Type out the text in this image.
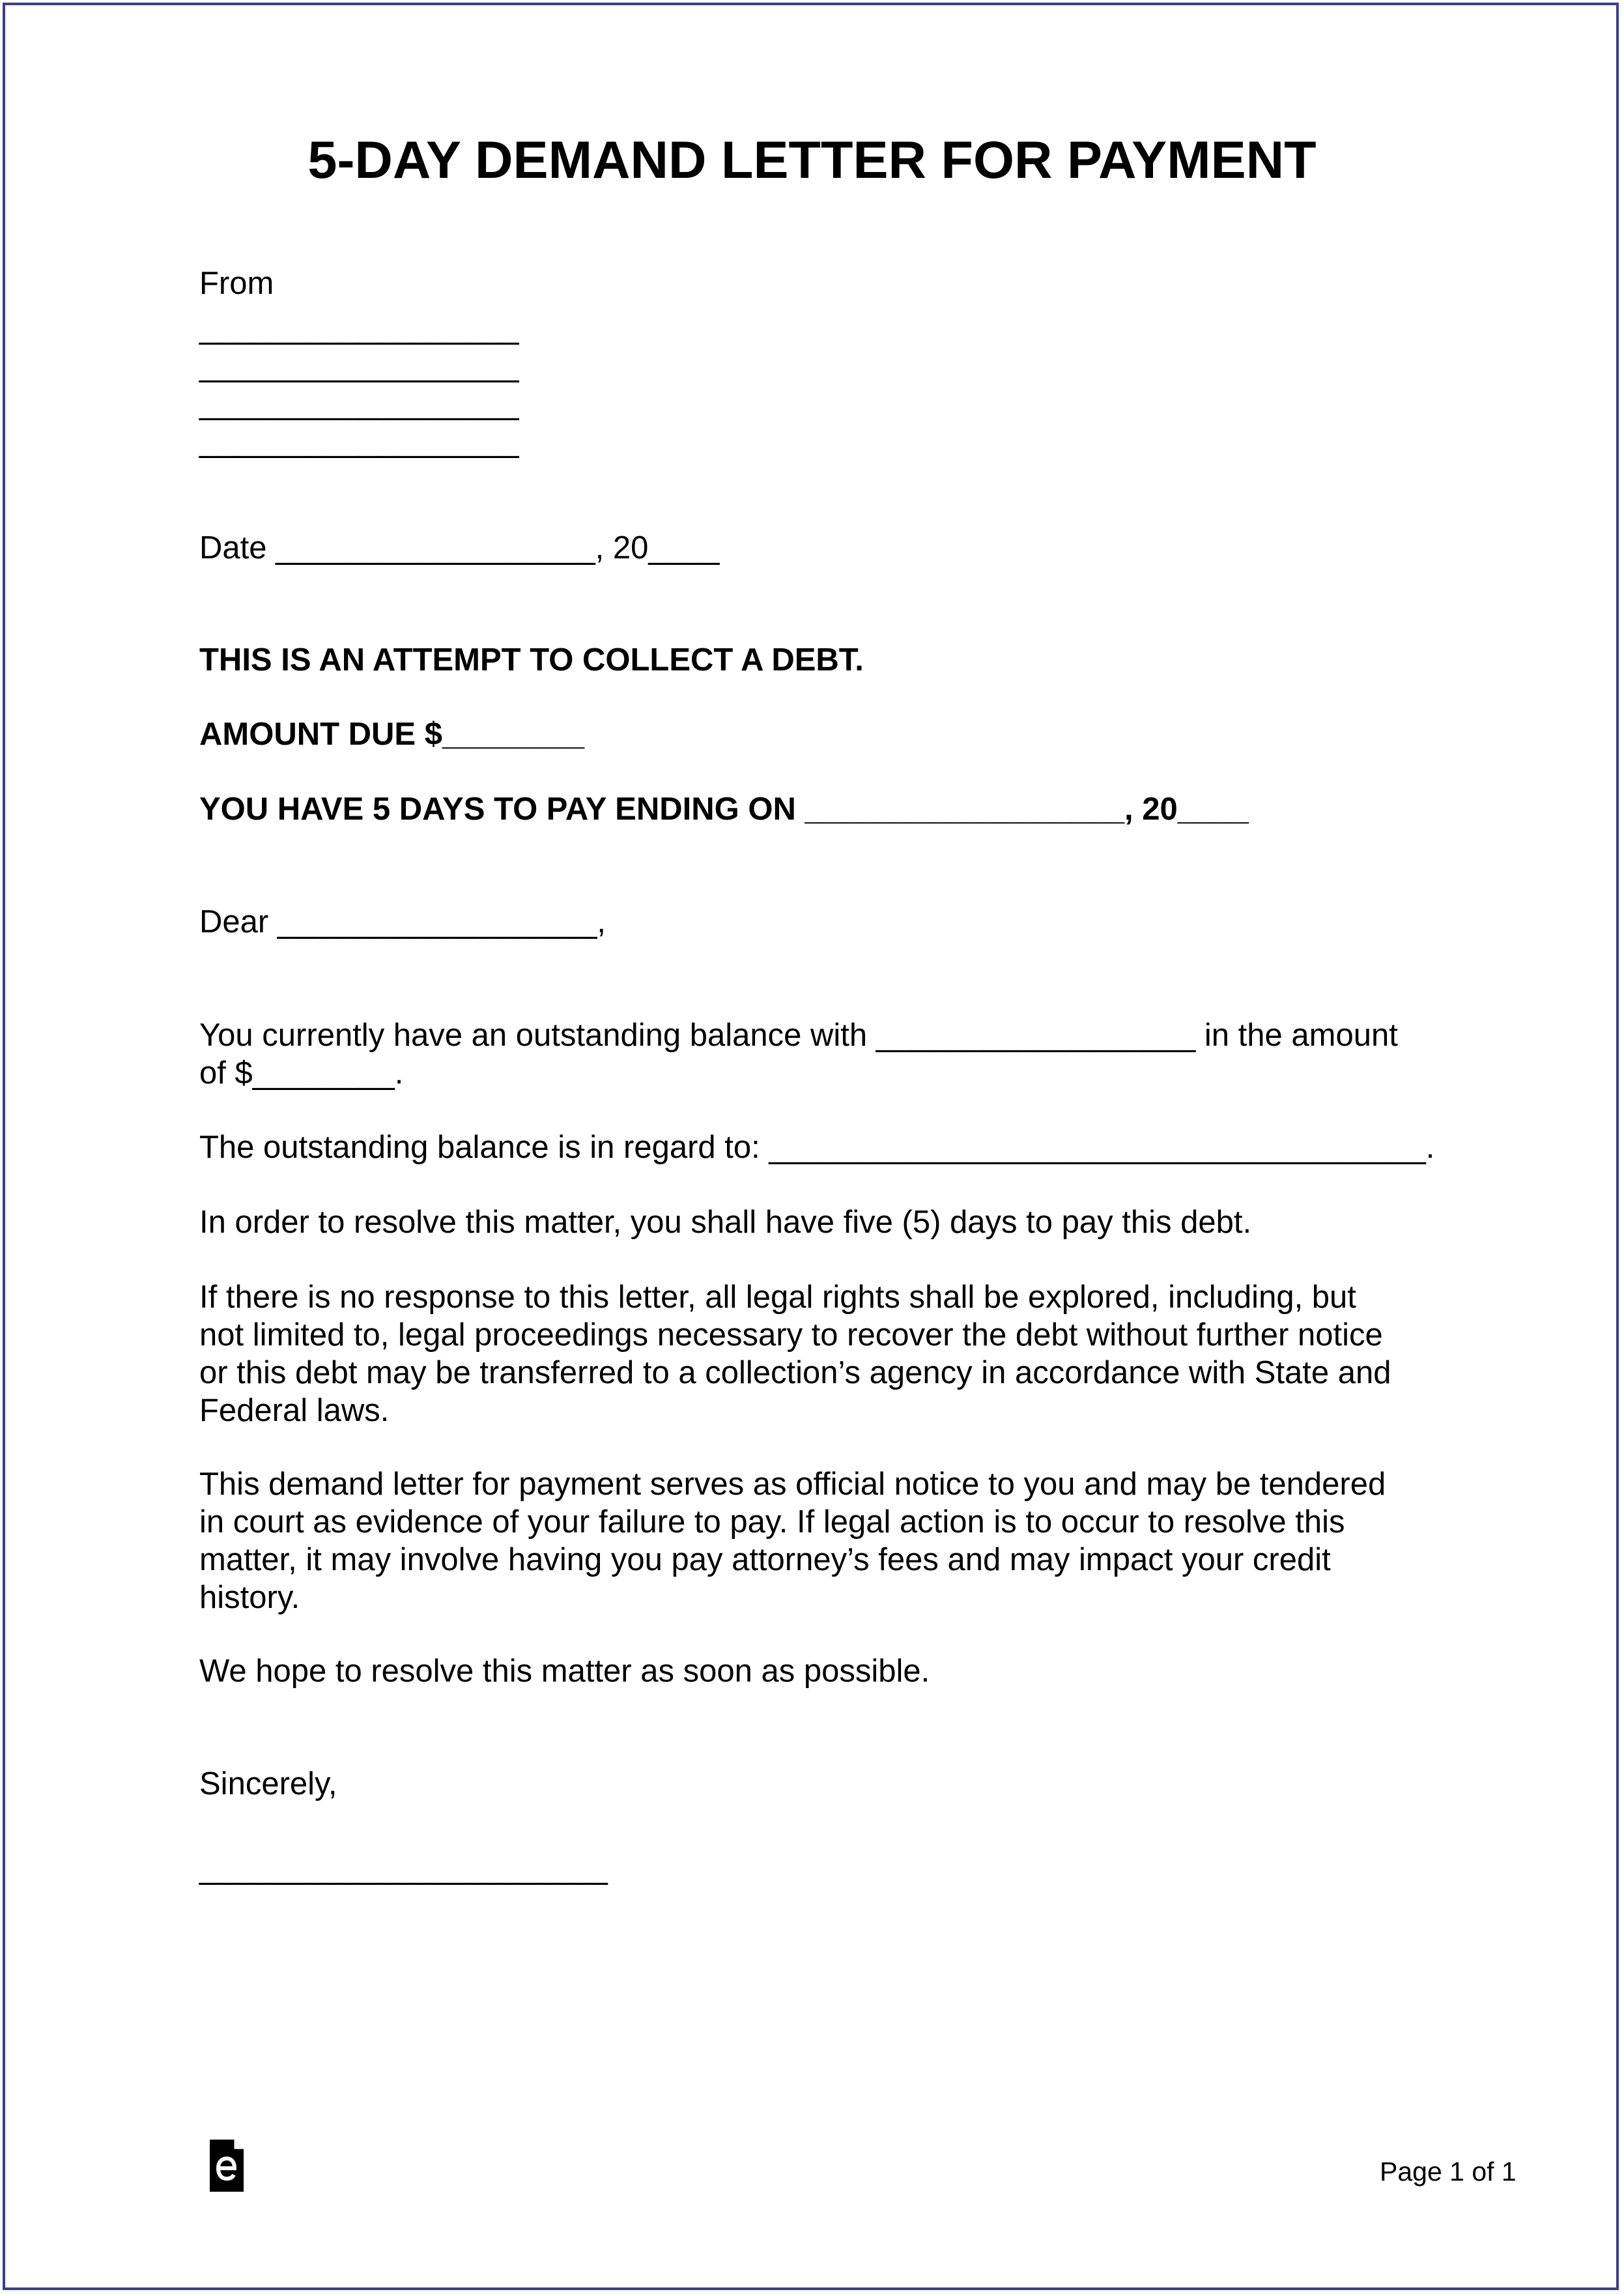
5-DAY DEMAND LETTER FOR PAYMENT

From

__________________

__________________

__________________

__________________

Date __________________, 20____

THIS IS AN ATTEMPT TO COLLECT A DEBT.

AMOUNT DUE $________

YOU HAVE 5 DAYS TO PAY ENDING ON __________________, 20____

Dear __________________,

You currently have an outstanding balance with __________________ in the amount
of $________.

The outstanding balance is in regard to: _____________________________________.

In order to resolve this matter, you shall have five (5) days to pay this debt.

If there is no response to this letter, all legal rights shall be explored, including, but
not limited to, legal proceedings necessary to recover the debt without further notice
or this debt may be transferred to a collection’s agency in accordance with State and
Federal laws.

This demand letter for payment serves as official notice to you and may be tendered
in court as evidence of your failure to pay. If legal action is to occur to resolve this
matter, it may involve having you pay attorney’s fees and may impact your credit
history.

We hope to resolve this matter as soon as possible.

Sincerely,

_______________________

Page 1 of 1
